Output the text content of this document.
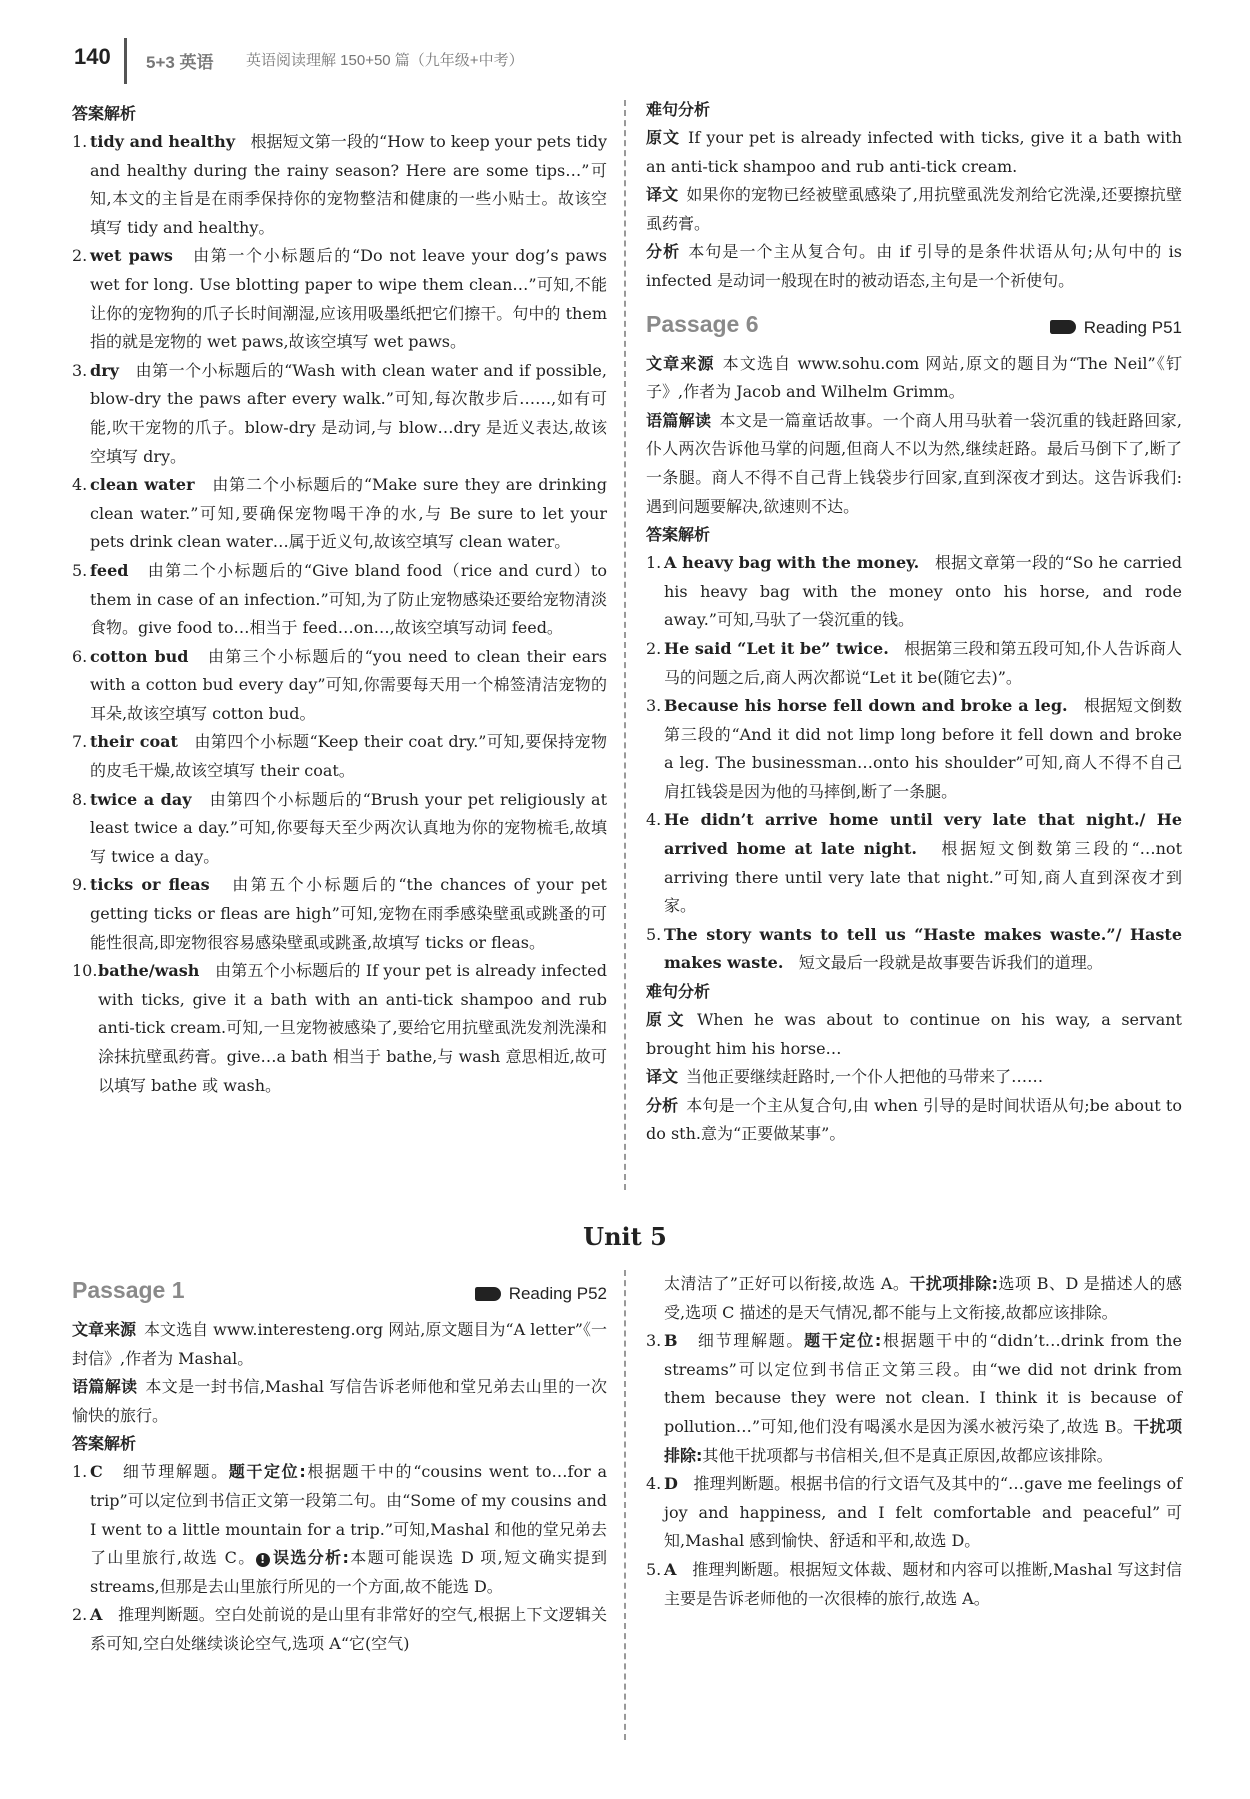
140 5+3 英语 英语阅读理解 150+50 篇（九年级+中考）

答案解析

1. tidy and healthy 根据短文第一段的“How to keep your pets tidy and healthy during the rainy season? Here are some tips…”可知,本文的主旨是在雨季保持你的宠物整洁和健康的一些小贴士。故该空填写 tidy and healthy。

2. wet paws 由第一个小标题后的“Do not leave your dog’s paws wet for long. Use blotting paper to wipe them clean…”可知,不能让你的宠物狗的爪子长时间潮湿,应该用吸墨纸把它们擦干。句中的 them 指的就是宠物的 wet paws,故该空填写 wet paws。

3. dry 由第一个小标题后的“Wash with clean water and if possible, blow-dry the paws after every walk.”可知,每次散步后……,如有可能,吹干宠物的爪子。blow-dry 是动词,与 blow…dry 是近义表达,故该空填写 dry。

4. clean water 由第二个小标题后的“Make sure they are drinking clean water.”可知,要确保宠物喝干净的水,与 Be sure to let your pets drink clean water…属于近义句,故该空填写 clean water。

5. feed 由第二个小标题后的“Give bland food（rice and curd）to them in case of an infection.”可知,为了防止宠物感染还要给宠物清淡食物。give food to…相当于 feed…on…,故该空填写动词 feed。

6. cotton bud 由第三个小标题后的“you need to clean their ears with a cotton bud every day”可知,你需要每天用一个棉签清洁宠物的耳朵,故该空填写 cotton bud。

7. their coat 由第四个小标题“Keep their coat dry.”可知,要保持宠物的皮毛干燥,故该空填写 their coat。

8. twice a day 由第四个小标题后的“Brush your pet religiously at least twice a day.”可知,你要每天至少两次认真地为你的宠物梳毛,故填写 twice a day。

9. ticks or fleas 由第五个小标题后的“the chances of your pet getting ticks or fleas are high”可知,宠物在雨季感染壁虱或跳蚤的可能性很高,即宠物很容易感染壁虱或跳蚤,故填写 ticks or fleas。

10. bathe/wash 由第五个小标题后的 If your pet is already infected with ticks, give it a bath with an anti-tick shampoo and rub anti-tick cream.可知,一旦宠物被感染了,要给它用抗壁虱洗发剂洗澡和涂抹抗壁虱药膏。give…a bath 相当于 bathe,与 wash 意思相近,故可以填写 bathe 或 wash。

难句分析

原文 If your pet is already infected with ticks, give it a bath with an anti-tick shampoo and rub anti-tick cream.

译文 如果你的宠物已经被壁虱感染了,用抗壁虱洗发剂给它洗澡,还要擦抗壁虱药膏。

分析 本句是一个主从复合句。由 if 引导的是条件状语从句;从句中的 is infected 是动词一般现在时的被动语态,主句是一个祈使句。

Passage 6	Reading P51

文章来源 本文选自 www.sohu.com 网站,原文的题目为“The Neil”《钉子》,作者为 Jacob and Wilhelm Grimm。

语篇解读 本文是一篇童话故事。一个商人用马驮着一袋沉重的钱赶路回家,仆人两次告诉他马掌的问题,但商人不以为然,继续赶路。最后马倒下了,断了一条腿。商人不得不自己背上钱袋步行回家,直到深夜才到达。这告诉我们:遇到问题要解决,欲速则不达。

答案解析

1. A heavy bag with the money. 根据文章第一段的“So he carried his heavy bag with the money onto his horse, and rode away.”可知,马驮了一袋沉重的钱。

2. He said “Let it be” twice. 根据第三段和第五段可知,仆人告诉商人马的问题之后,商人两次都说“Let it be(随它去)”。

3. Because his horse fell down and broke a leg. 根据短文倒数第三段的“And it did not limp long before it fell down and broke a leg. The businessman…onto his shoulder”可知,商人不得不自己肩扛钱袋是因为他的马摔倒,断了一条腿。

4. He didn’t arrive home until very late that night./ He arrived home at late night. 根据短文倒数第三段的“…not arriving there until very late that night.”可知,商人直到深夜才到家。

5. The story wants to tell us “Haste makes waste.”/ Haste makes waste. 短文最后一段就是故事要告诉我们的道理。

难句分析

原文 When he was about to continue on his way, a servant brought him his horse…

译文 当他正要继续赶路时,一个仆人把他的马带来了……

分析 本句是一个主从复合句,由 when 引导的是时间状语从句;be about to do sth.意为“正要做某事”。

Unit 5
Passage 1	Reading P52

文章来源 本文选自 www.interesteng.org 网站,原文题目为“A letter”《一封信》,作者为 Mashal。

语篇解读 本文是一封书信,Mashal 写信告诉老师他和堂兄弟去山里的一次愉快的旅行。

答案解析

1. C 细节理解题。题干定位:根据题干中的“cousins went to…for a trip”可以定位到书信正文第一段第二句。由“Some of my cousins and I went to a little mountain for a trip.”可知,Mashal 和他的堂兄弟去了山里旅行,故选 C。 ! 误选分析:本题可能误选 D 项,短文确实提到 streams,但那是去山里旅行所见的一个方面,故不能选 D。

2. A 推理判断题。空白处前说的是山里有非常好的空气,根据上下文逻辑关系可知,空白处继续谈论空气,选项 A“它(空气)

太清洁了”正好可以衔接,故选 A。干扰项排除:选项 B、D 是描述人的感受,选项 C 描述的是天气情况,都不能与上文衔接,故都应该排除。

3. B 细节理解题。题干定位:根据题干中的“didn’t…drink from the streams”可以定位到书信正文第三段。由“we did not drink from them because they were not clean. I think it is because of pollution…”可知,他们没有喝溪水是因为溪水被污染了,故选 B。干扰项排除:其他干扰项都与书信相关,但不是真正原因,故都应该排除。

4. D 推理判断题。根据书信的行文语气及其中的“…gave me feelings of joy and happiness, and I felt comfortable and peaceful”可知,Mashal 感到愉快、舒适和平和,故选 D。

5. A 推理判断题。根据短文体裁、题材和内容可以推断,Mashal 写这封信主要是告诉老师他的一次很棒的旅行,故选 A。
